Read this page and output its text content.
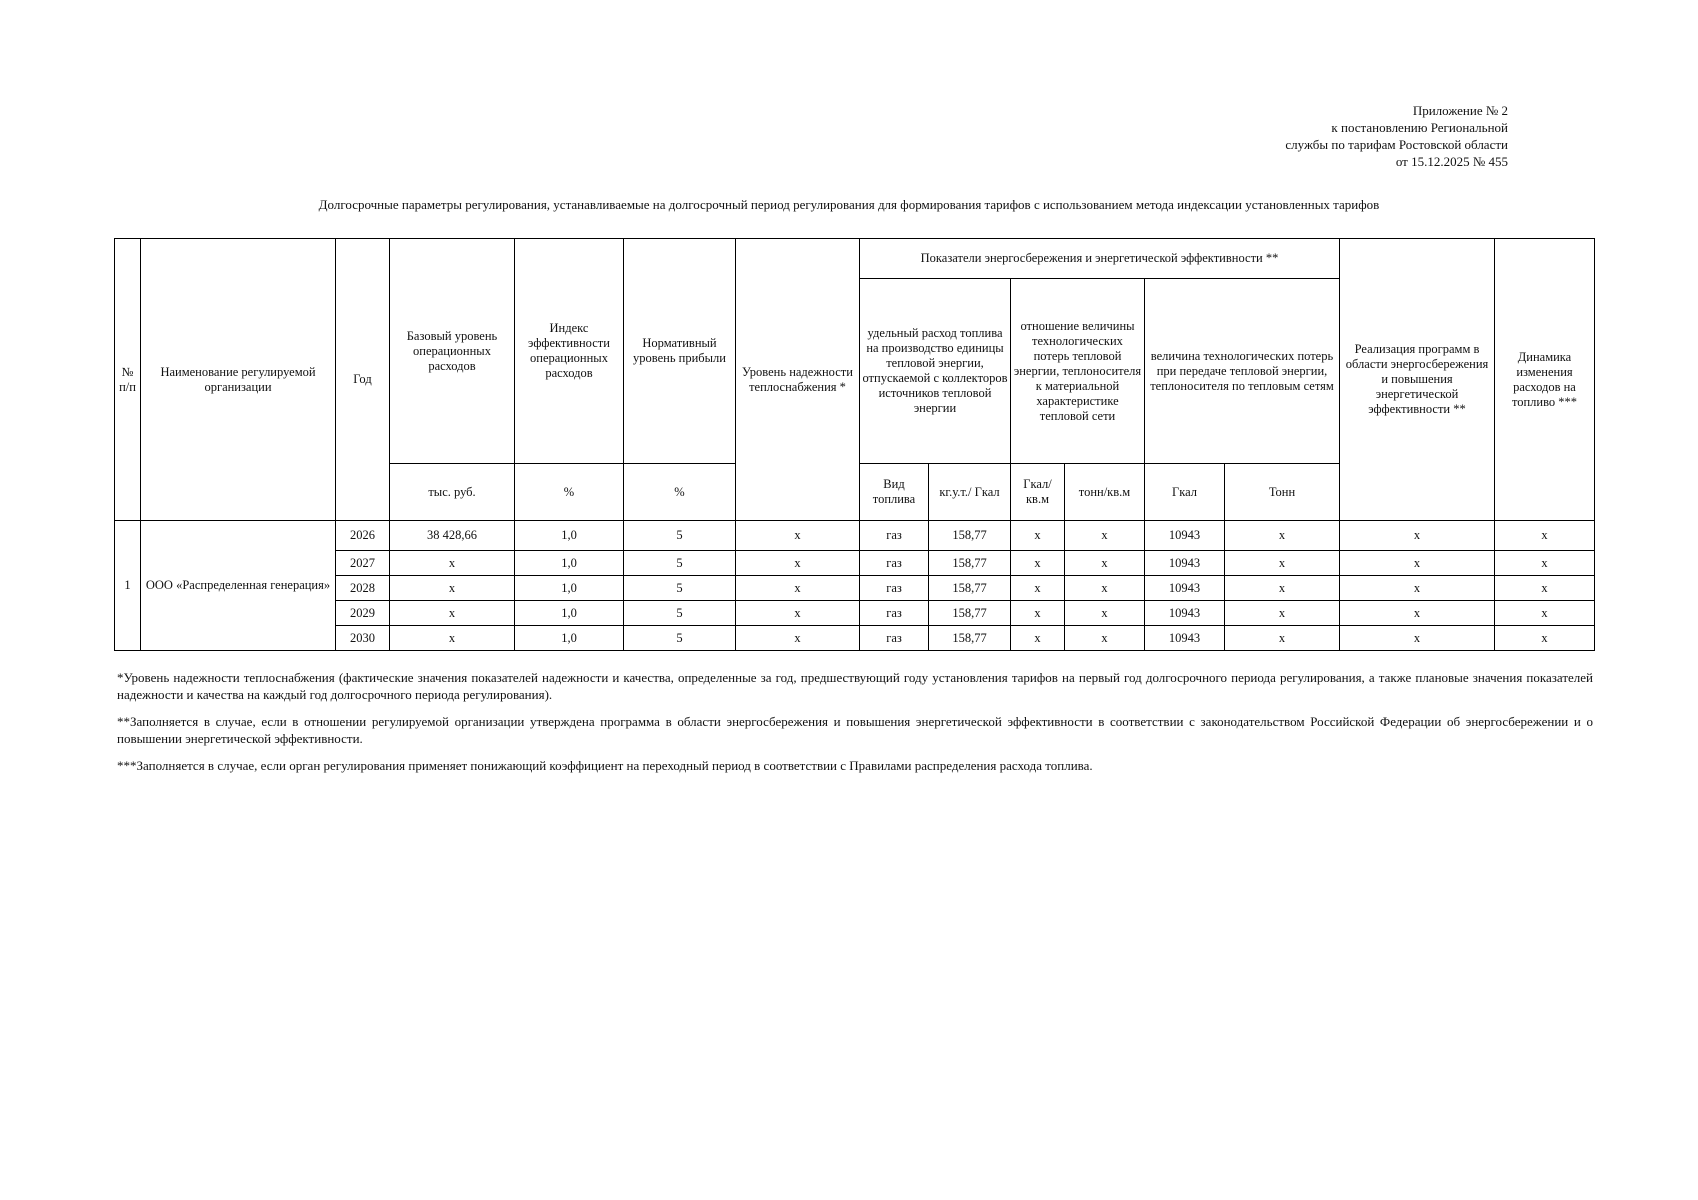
Приложение № 2
к постановлению Региональной
службы по тарифам Ростовской области
от 15.12.2025 № 455
Долгосрочные параметры регулирования, устанавливаемые на долгосрочный период регулирования для формирования тарифов с использованием метода индексации установленных тарифов
№ п/п	Наименование регулируемой организации	Год	Базовый уровень операционных расходов	Индекс эффективности операционных расходов	Нормативный уровень прибыли	Уровень надежности теплоснабжения *	Показатели энергосбережения и энергетической эффективности **						Реализация программ в области энергосбережения и повышения энергетической эффективности **	Динамика изменения расходов на топливо ***
							удельный расход топлива на производство единицы тепловой энергии, отпускаемой с коллекторов источников тепловой энергии		отношение величины технологических потерь тепловой энергии, теплоносителя к материальной характеристике тепловой сети		величина технологических потерь при передаче тепловой энергии, теплоносителя по тепловым сетям			
			тыс. руб.	%	%		Вид топлива	кг.у.т./ Гкал	Гкал/ кв.м	тонн/кв.м	Гкал	Тонн		
1	ООО «Распределенная генерация»	2026	38 428,66	1,0	5	х	газ	158,77	х	х	10943	х	х	х
		2027	х	1,0	5	х	газ	158,77	х	х	10943	х	х	х
		2028	х	1,0	5	х	газ	158,77	х	х	10943	х	х	х
		2029	х	1,0	5	х	газ	158,77	х	х	10943	х	х	х
		2030	х	1,0	5	х	газ	158,77	х	х	10943	х	х	х

*Уровень надежности теплоснабжения (фактические значения показателей надежности и качества, определенные за год, предшествующий году установления тарифов на первый год долгосрочного периода регулирования, а также плановые значения показателей надежности и качества на каждый год долгосрочного периода регулирования).

**Заполняется в случае, если в отношении регулируемой организации утверждена программа в области энергосбережения и повышения энергетической эффективности в соответствии с законодательством Российской Федерации об энергосбережении и о повышении энергетической эффективности.

***Заполняется в случае, если орган регулирования применяет понижающий коэффициент на переходный период в соответствии с Правилами распределения расхода топлива.
